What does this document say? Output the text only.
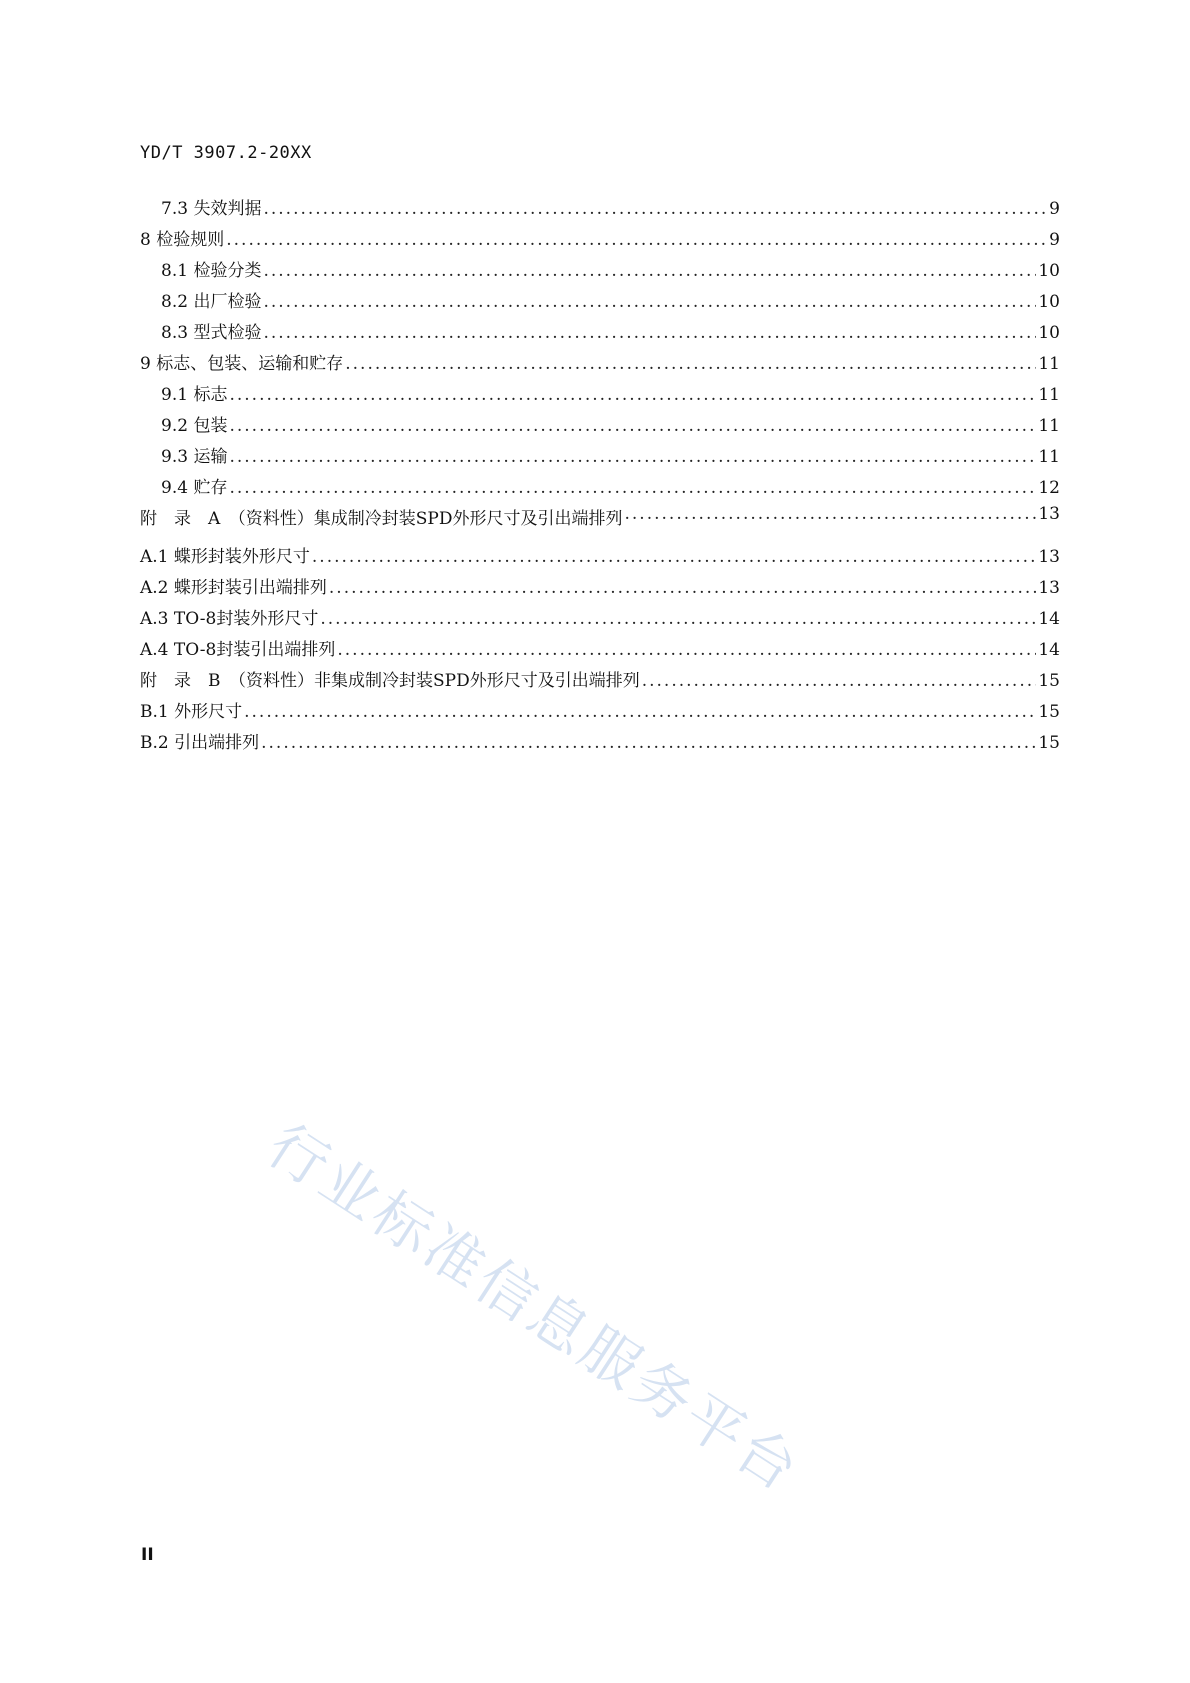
YD/T 3907.2-20XX
7.3 失效判据 .....	9
8 检验规则 .....	9
8.1 检验分类 .....	10
8.2 出厂检验 .....	10
8.3 型式检验 .....	10
9 标志、包装、运输和贮存 .....	11
9.1 标志 .....	11
9.2 包装 .....	11
9.3 运输 .....	11
9.4 贮存 .....	12
附　录　A　（资料性）集成制冷封装SPD外形尺寸及引出端排列 .....	13
A.1 蝶形封装外形尺寸 .....	13
A.2 蝶形封装引出端排列 .....	13
A.3 TO-8封装外形尺寸 .....	14
A.4 TO-8封装引出端排列 .....	14
附　录　B　（资料性）非集成制冷封装SPD外形尺寸及引出端排列 .....	15
B.1 外形尺寸 .....	15
B.2 引出端排列 .....	15
行业标准信息服务平台
II
